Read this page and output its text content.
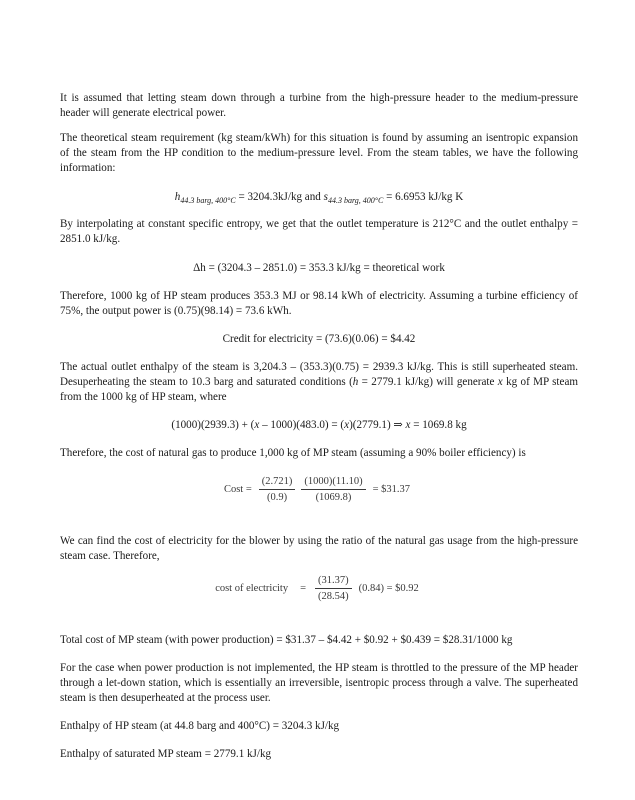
It is assumed that letting steam down through a turbine from the high-pressure header to the medium-pressure header will generate electrical power.

The theoretical steam requirement (kg steam/kWh) for this situation is found by assuming an isentropic expansion of the steam from the HP condition to the medium-pressure level. From the steam tables, we have the following information:

$h_{44.3 barg, 400^\circ C} = 3204.3kJ/kg$ and $s_{44.3 barg, 400^\circ C} = 6.6953$ kJ/kg K

By interpolating at constant specific entropy, we get that the outlet temperature is 212°C and the outlet enthalpy = 2851.0 kJ/kg.

Δh = (3204.3 – 2851.0) = 353.3 kJ/kg = theoretical work

Therefore, 1000 kg of HP steam produces 353.3 MJ or 98.14 kWh of electricity. Assuming a turbine efficiency of 75%, the output power is (0.75)(98.14) = 73.6 kWh.

Credit for electricity = (73.6)(0.06) = $4.42

The actual outlet enthalpy of the steam is 3,204.3 – (353.3)(0.75) = 2939.3 kJ/kg. This is still superheated steam. Desuperheating the steam to 10.3 barg and saturated conditions (h = 2779.1 kJ/kg) will generate x kg of MP steam from the 1000 kg of HP steam, where

(1000)(2939.3) + (x – 1000)(483.0) = (x)(2779.1) ⇒ x = 1069.8 kg

Therefore, the cost of natural gas to produce 1,000 kg of MP steam (assuming a 90% boiler efficiency) is

Cost = $\frac{(2.721)}{(0.9)} \frac{(1000)(11.10)}{(1069.8)}$ = $31.37

We can find the cost of electricity for the blower by using the ratio of the natural gas usage from the high-pressure steam case. Therefore,

cost of electricity = $\frac{(31.37)}{(28.54)} (0.84)$ = $0.92

Total cost of MP steam (with power production) = $31.37 – $4.42 + $0.92 + $0.439 = $28.31/1000 kg

For the case when power production is not implemented, the HP steam is throttled to the pressure of the MP header through a let-down station, which is essentially an irreversible, isentropic process through a valve. The superheated steam is then desuperheated at the process user.

Enthalpy of HP steam (at 44.8 barg and 400°C) = 3204.3 kJ/kg

Enthalpy of saturated MP steam = 2779.1 kJ/kg
